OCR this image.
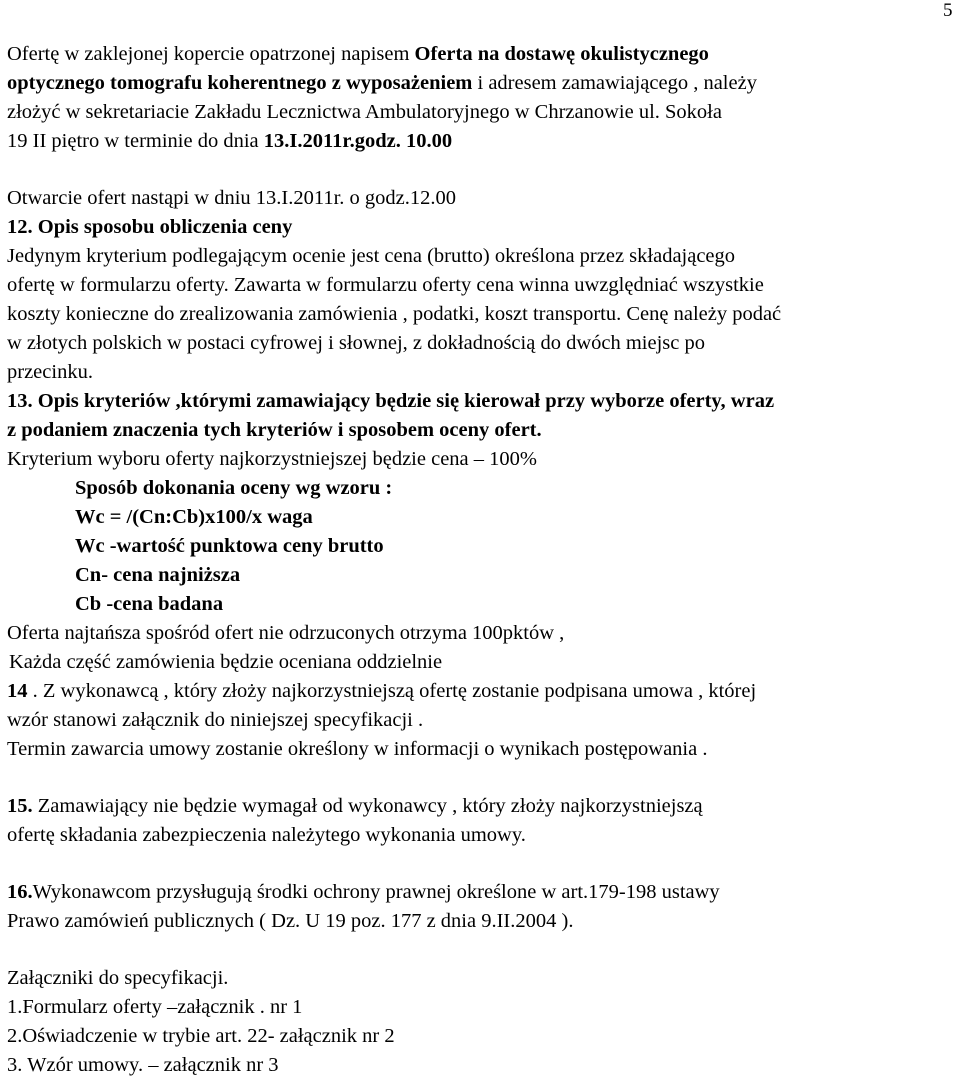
5
Ofertę w zaklejonej kopercie opatrzonej napisem Oferta na dostawę okulistycznego
optycznego tomografu koherentnego z wyposażeniem i adresem zamawiającego , należy
złożyć w sekretariacie Zakładu Lecznictwa Ambulatoryjnego w Chrzanowie ul. Sokoła
19 II piętro w terminie do dnia 13.I.2011r.godz. 10.00
Otwarcie ofert nastąpi w dniu 13.I.2011r. o godz.12.00
12. Opis sposobu obliczenia ceny
Jedynym kryterium podlegającym ocenie jest cena (brutto) określona przez składającego
ofertę w formularzu oferty. Zawarta w formularzu oferty cena winna uwzględniać wszystkie
koszty konieczne do zrealizowania zamówienia , podatki, koszt transportu. Cenę należy podać
w złotych polskich w postaci cyfrowej i słownej, z dokładnością do dwóch miejsc po
przecinku.
13. Opis kryteriów ,którymi zamawiający będzie się kierował przy wyborze oferty, wraz
z podaniem znaczenia tych kryteriów i sposobem oceny ofert.
Kryterium wyboru oferty najkorzystniejszej będzie cena – 100%
Sposób dokonania oceny wg wzoru :
Wc = /(Cn:Cb)x100/x waga
Wc -wartość punktowa ceny brutto
Cn- cena najniższa
Cb -cena badana
Oferta najtańsza spośród ofert nie odrzuconych otrzyma 100pktów ,
Każda część zamówienia będzie oceniana oddzielnie
14 . Z wykonawcą , który złoży najkorzystniejszą ofertę zostanie podpisana umowa , której
wzór stanowi załącznik do niniejszej specyfikacji .
Termin zawarcia umowy zostanie określony w informacji o wynikach postępowania .
15. Zamawiający nie będzie wymagał od wykonawcy , który złoży najkorzystniejszą
ofertę składania zabezpieczenia należytego wykonania umowy.
16.Wykonawcom przysługują środki ochrony prawnej określone w art.179-198 ustawy
Prawo zamówień publicznych ( Dz. U 19 poz. 177 z dnia 9.II.2004 ).
Załączniki do specyfikacji.
1.Formularz oferty –załącznik . nr 1
2.Oświadczenie w trybie art. 22- załącznik nr 2
3. Wzór umowy. – załącznik nr 3
